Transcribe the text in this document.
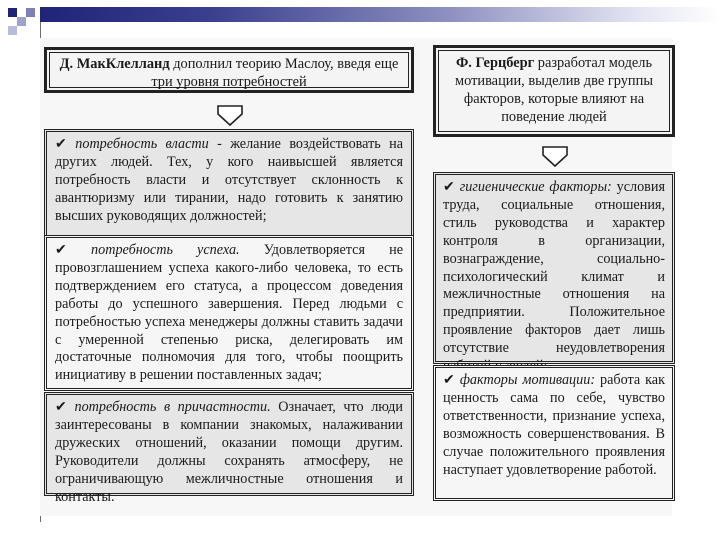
Д. МакКлелланд дополнил теорию Маслоу, введя еще три уровня потребностей
✔ потребность власти - желание воздействовать на других людей. Тех, у кого наивысшей является потребность власти и отсутствует склонность к авантюризму или тирании, надо готовить к занятию высших руководящих должностей;
✔ потребность успеха. Удовлетворяется не провозглашением успеха какого-либо человека, то есть подтверждением его статуса, а процессом доведения работы до успешного завершения. Перед людьми с потребностью успеха менеджеры должны ставить задачи с умеренной степенью риска, делегировать им достаточные полномочия для того, чтобы поощрить инициативу в решении поставленных задач;
✔ потребность в причастности. Означает, что люди заинтересованы в компании знакомых, налаживании дружеских отношений, оказании помощи другим. Руководители должны сохранять атмосферу, не ограничивающую межличностные отношения и контакты.
Ф. Герцберг разработал модель мотивации, выделив две группы факторов, которые влияют на поведение людей
✔ гигиенические факторы: условия труда, социальные отношения, стиль руководства и характер контроля в организации, вознаграждение, социально-психологический климат и межличностные отношения на предприятии. Положительное проявление факторов дает лишь отсутствие неудовлетворения
✔ факторы мотивации: работа как ценность сама по себе, чувство ответственности, признание успеха, возможность совершенствования. В случае положительного проявления наступает удовлетворение работой.
